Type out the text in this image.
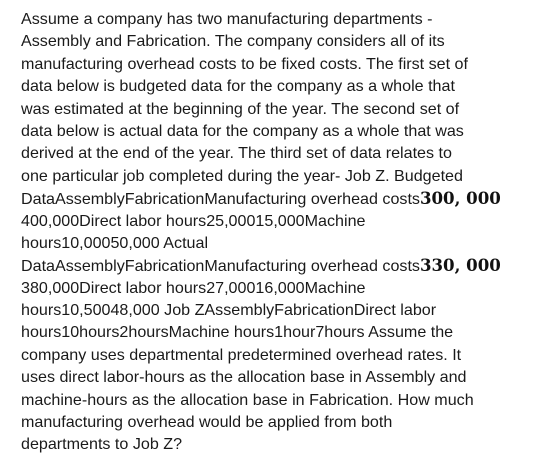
Assume a company has two manufacturing departments -
Assembly and Fabrication. The company considers all of its
manufacturing overhead costs to be fixed costs. The first set of
data below is budgeted data for the company as a whole that
was estimated at the beginning of the year. The second set of
data below is actual data for the company as a whole that was
derived at the end of the year. The third set of data relates to
one particular job completed during the year- Job Z. Budgeted
DataAssemblyFabricationManufacturing overhead costs300, 000
400,000Direct labor hours25,00015,000Machine
hours10,00050,000 Actual
DataAssemblyFabricationManufacturing overhead costs330, 000
380,000Direct labor hours27,00016,000Machine
hours10,50048,000 Job ZAssemblyFabricationDirect labor
hours10hours2hoursMachine hours1hour7hours Assume the
company uses departmental predetermined overhead rates. It
uses direct labor-hours as the allocation base in Assembly and
machine-hours as the allocation base in Fabrication. How much
manufacturing overhead would be applied from both
departments to Job Z?
